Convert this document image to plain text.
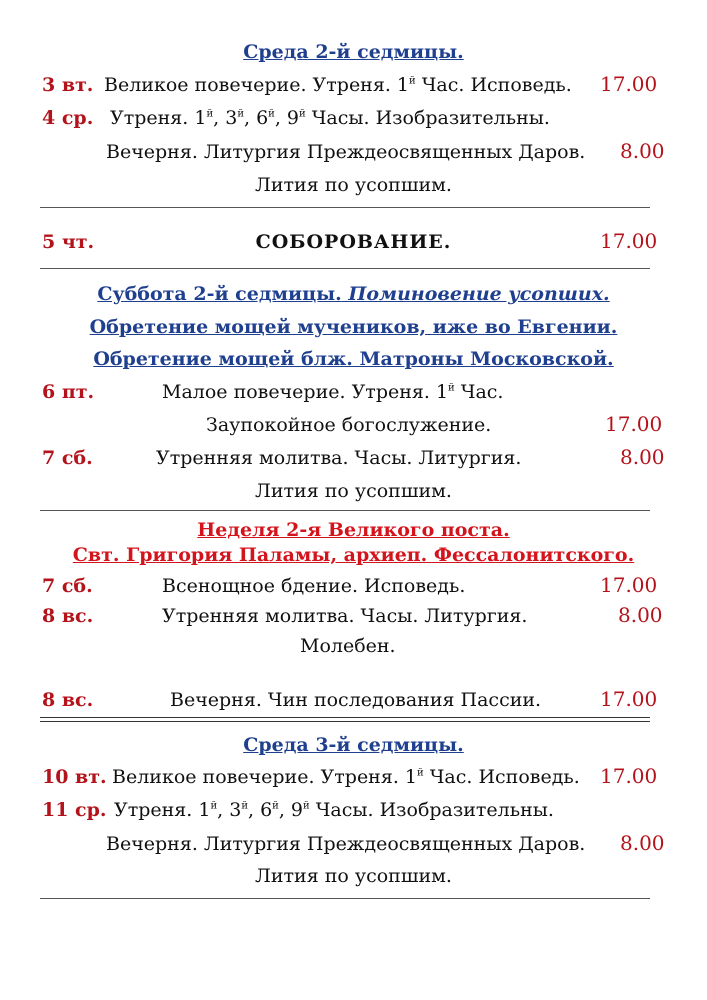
Среда 2-й седмицы.
3 вт. Великое повечерие. Утреня. $1^й$ Час. Исповедь. 17.00
4 ср. Утреня. $1^й$, $3^й$, $6^й$, $9^й$ Часы. Изобразительны.
Вечерня. Литургия Преждеосвященных Даров. 8.00
Лития по усопшим.
5 чт.	СОБОРОВАНИЕ.	17.00
Суббота 2-й седмицы. Поминовение усопших.
Обретение мощей мучеников, иже во Евгении.
Обретение мощей блж. Матроны Московской.
6 пт.	Малое повечерие. Утреня. $1^й$ Час.
Заупокойное богослужение.	17.00
7 сб.	Утренняя молитва. Часы. Литургия.	8.00
Лития по усопшим.
Неделя 2-я Великого поста.
Свт. Григория Паламы, архиеп. Фессалонитского.
7 сб.	Всенощное бдение. Исповедь.	17.00
8 вс.	Утренняя молитва. Часы. Литургия.	8.00
Молебен.
8 вс.	Вечерня. Чин последования Пассии.	17.00
Среда 3-й седмицы.
10 вт. Великое повечерие. Утреня. $1^й$ Час. Исповедь. 17.00
11 ср. Утреня. $1^й$, $3^й$, $6^й$, $9^й$ Часы. Изобразительны.
Вечерня. Литургия Преждеосвященных Даров. 8.00
Лития по усопшим.
